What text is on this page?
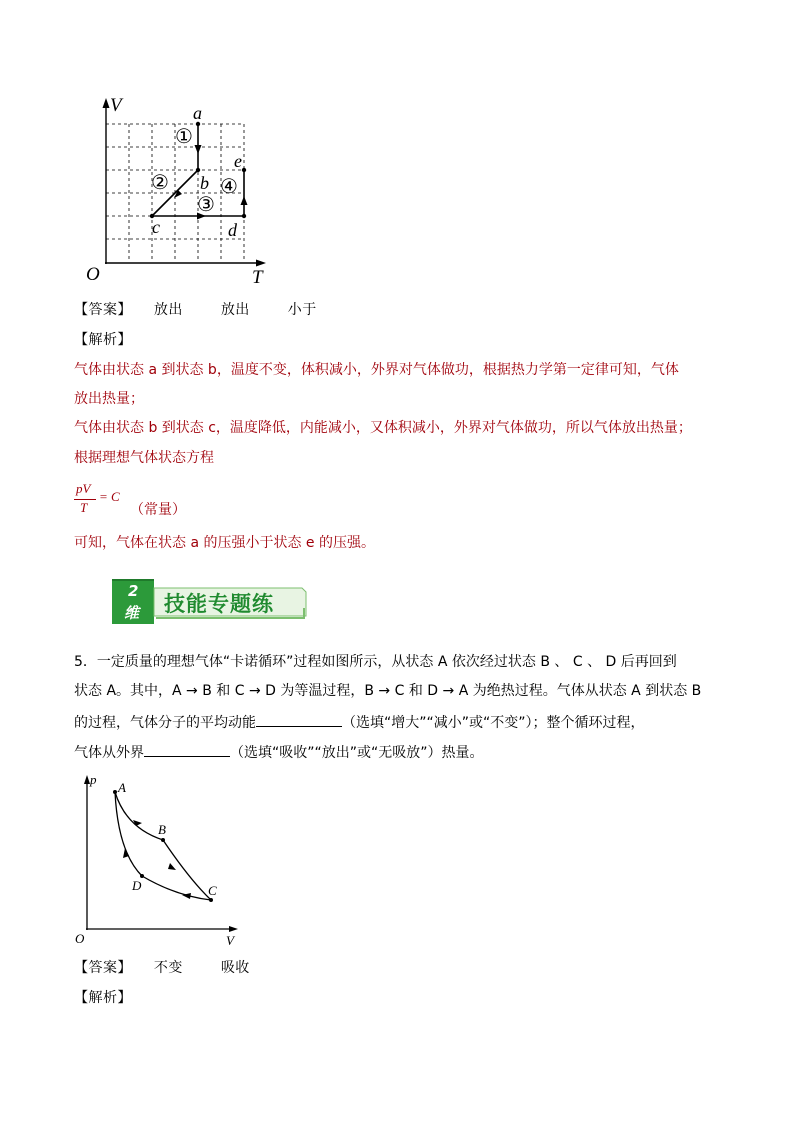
V
T
O
a
b
c	d
e
①
②
③
④
【答案】 放出	放出	小于
【解析】
气体由状态 a 到状态 b，温度不变，体积减小，外界对气体做功，根据热力学第一定律可知，气体
放出热量；
气体由状态 b 到状态 c，温度降低，内能减小，又体积减小，外界对气体做功，所以气体放出热量；
根据理想气体状态方程
pV
T
= C
（常量）
可知，气体在状态 a 的压强小于状态 e 的压强。
2
维 技能专题练
5．一定质量的理想气体“卡诺循环”过程如图所示，从状态 A 依次经过状态 B 、 C 、 D 后再回到
状态 A。其中，A → B 和 C → D 为等温过程，B → C 和 D → A 为绝热过程。气体从状态 A 到状态 B
的过程，气体分子的平均动能	（选填“增大”“减小”或“不变”）；整个循环过程，
气体从外界	（选填“吸收”“放出”或“无吸放”）热量。
p
V
O
A
B
C
D
【答案】 不变	吸收
【解析】
